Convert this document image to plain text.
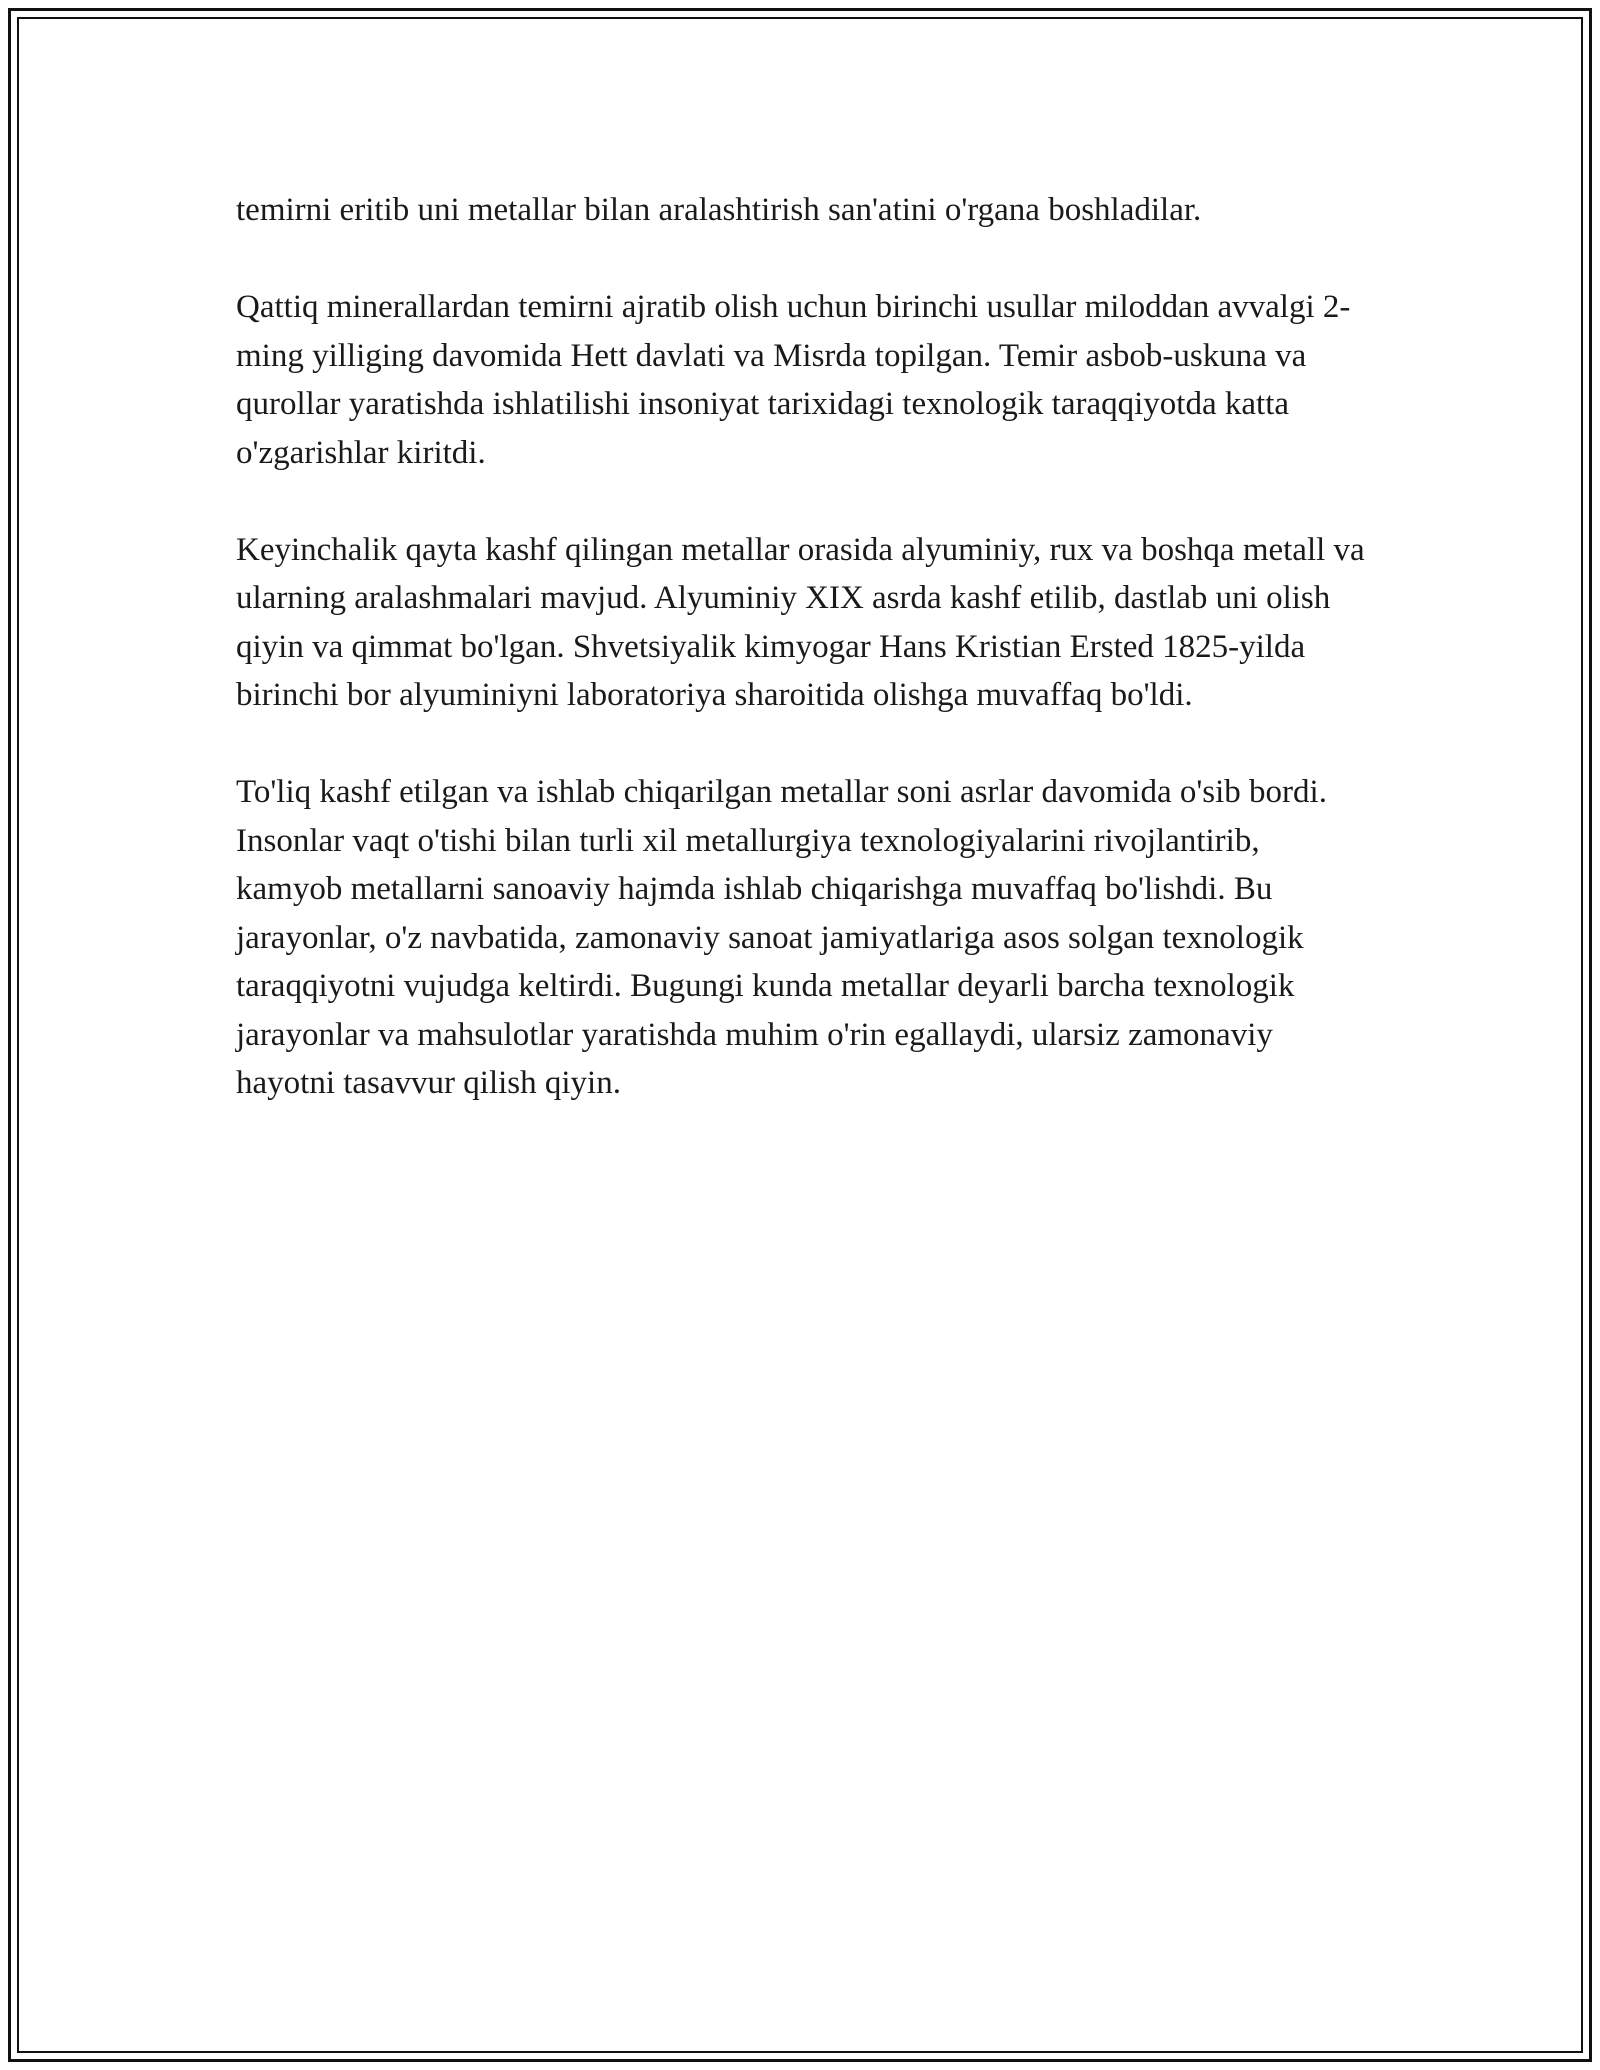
temirni eritib uni metallar bilan aralashtirish san'atini o'rgana boshladilar.

Qattiq minerallardan temirni ajratib olish uchun birinchi usullar miloddan avvalgi 2-ming yilliging davomida Hett davlati va Misrda topilgan. Temir asbob-uskuna va qurollar yaratishda ishlatilishi insoniyat tarixidagi texnologik taraqqiyotda katta o'zgarishlar kiritdi.

Keyinchalik qayta kashf qilingan metallar orasida alyuminiy, rux va boshqa metall va ularning aralashmalari mavjud. Alyuminiy XIX asrda kashf etilib, dastlab uni olish qiyin va qimmat bo'lgan. Shvetsiyalik kimyogar Hans Kristian Ersted 1825-yilda birinchi bor alyuminiyni laboratoriya sharoitida olishga muvaffaq bo'ldi.

To'liq kashf etilgan va ishlab chiqarilgan metallar soni asrlar davomida o'sib bordi. Insonlar vaqt o'tishi bilan turli xil metallurgiya texnologiyalarini rivojlantirib, kamyob metallarni sanoaviy hajmda ishlab chiqarishga muvaffaq bo'lishdi. Bu jarayonlar, o'z navbatida, zamonaviy sanoat jamiyatlariga asos solgan texnologik taraqqiyotni vujudga keltirdi. Bugungi kunda metallar deyarli barcha texnologik jarayonlar va mahsulotlar yaratishda muhim o'rin egallaydi, ularsiz zamonaviy hayotni tasavvur qilish qiyin.
